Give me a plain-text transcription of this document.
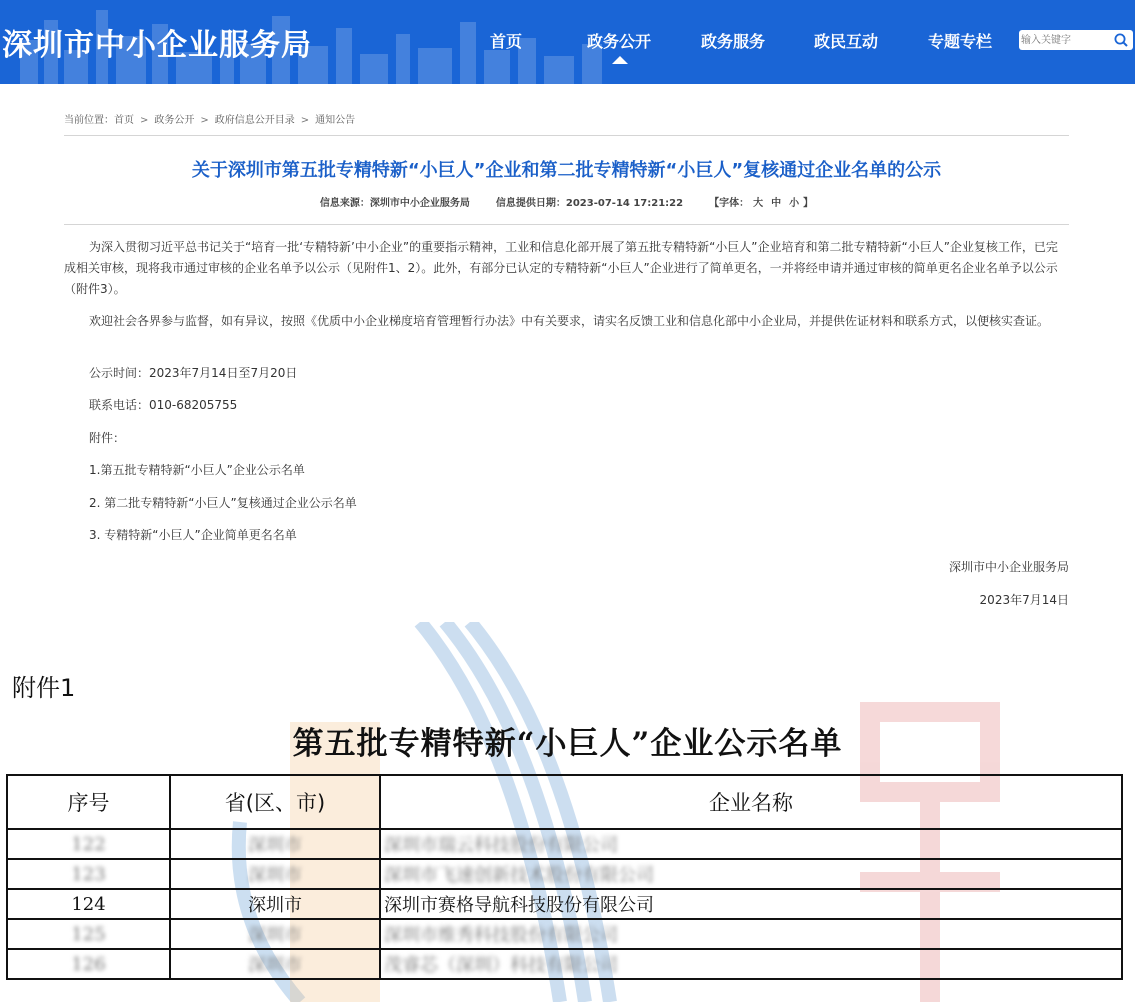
深圳市中小企业服务局	首页	政务公开	政务服务	政民互动	专题专栏
输入关键字
当前位置：首页 > 政务公开 > 政府信息公开目录 > 通知公告
关于深圳市第五批专精特新“小巨人”企业和第二批专精特新“小巨人”复核通过企业名单的公示
信息来源：深圳市中小企业服务局	信息提供日期：2023-07-14 17:21:22	【字体： 大 中 小 】
为深入贯彻习近平总书记关于“培育一批‘专精特新’中小企业”的重要指示精神，工业和信息化部开展了第五批专精特新“小巨人”企业培育和第二批专精特新“小巨人”企业复核工作，已完成相关审核，现将我市通过审核的企业名单予以公示（见附件1、2）。此外，有部分已认定的专精特新“小巨人”企业进行了简单更名，一并将经申请并通过审核的简单更名企业名单予以公示（附件3）。
欢迎社会各界参与监督，如有异议，按照《优质中小企业梯度培育管理暂行办法》中有关要求，请实名反馈工业和信息化部中小企业局，并提供佐证材料和联系方式，以便核实查证。
公示时间：2023年7月14日至7月20日
联系电话：010-68205755
附件：
1.第五批专精特新“小巨人”企业公示名单
2. 第二批专精特新“小巨人”复核通过企业公示名单
3. 专精特新“小巨人”企业简单更名名单
深圳市中小企业服务局
2023年7月14日
附件1
第五批专精特新“小巨人”企业公示名单
序号	省(区、市)	企业名称
122	深圳市	深圳市瑞云科技股份有限公司
123	深圳市	深圳市飞速创新技术股份有限公司
124	深圳市	深圳市赛格导航科技股份有限公司
125	深圳市	深圳市维秀科技股份有限公司
126	深圳市	茂睿芯（深圳）科技有限公司
